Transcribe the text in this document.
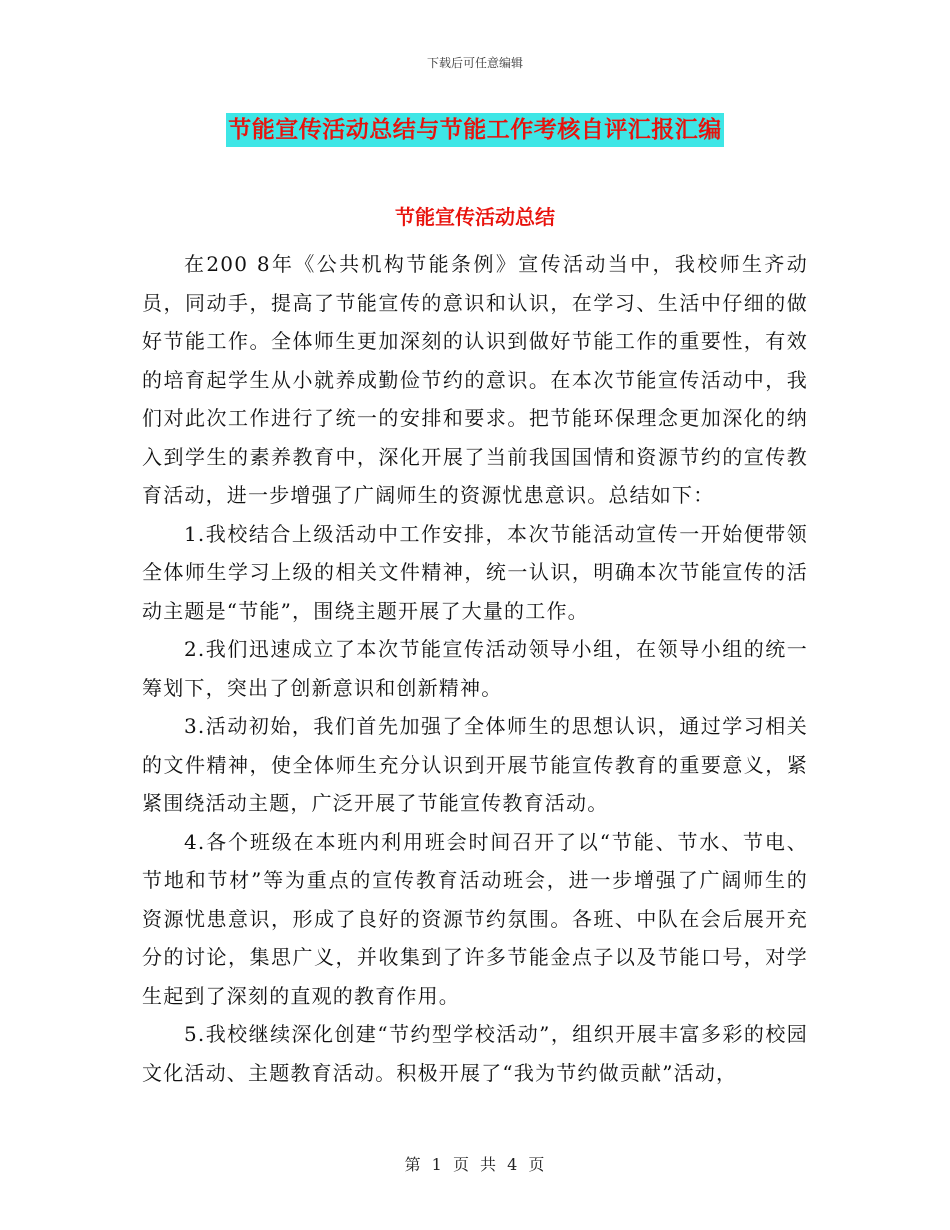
下载后可任意编辑
节能宣传活动总结与节能工作考核自评汇报汇编
节能宣传活动总结

在200 8年《公共机构节能条例》宣传活动当中，我校师生齐动员，同动手，提高了节能宣传的意识和认识，在学习、生活中仔细的做好节能工作。全体师生更加深刻的认识到做好节能工作的重要性，有效的培育起学生从小就养成勤俭节约的意识。在本次节能宣传活动中，我们对此次工作进行了统一的安排和要求。把节能环保理念更加深化的纳入到学生的素养教育中，深化开展了当前我国国情和资源节约的宣传教育活动，进一步增强了广阔师生的资源忧患意识。总结如下：

1.我校结合上级活动中工作安排，本次节能活动宣传一开始便带领全体师生学习上级的相关文件精神，统一认识，明确本次节能宣传的活动主题是“节能”，围绕主题开展了大量的工作。

2.我们迅速成立了本次节能宣传活动领导小组，在领导小组的统一筹划下，突出了创新意识和创新精神。

3.活动初始，我们首先加强了全体师生的思想认识，通过学习相关的文件精神，使全体师生充分认识到开展节能宣传教育的重要意义，紧紧围绕活动主题，广泛开展了节能宣传教育活动。

4.各个班级在本班内利用班会时间召开了以“节能、节水、节电、节地和节材”等为重点的宣传教育活动班会，进一步增强了广阔师生的资源忧患意识，形成了良好的资源节约氛围。各班、中队在会后展开充分的讨论，集思广义，并收集到了许多节能金点子以及节能口号，对学生起到了深刻的直观的教育作用。

5.我校继续深化创建“节约型学校活动”，组织开展丰富多彩的校园文化活动、主题教育活动。积极开展了“我为节约做贡献”活动，

第 1 页 共 4 页
